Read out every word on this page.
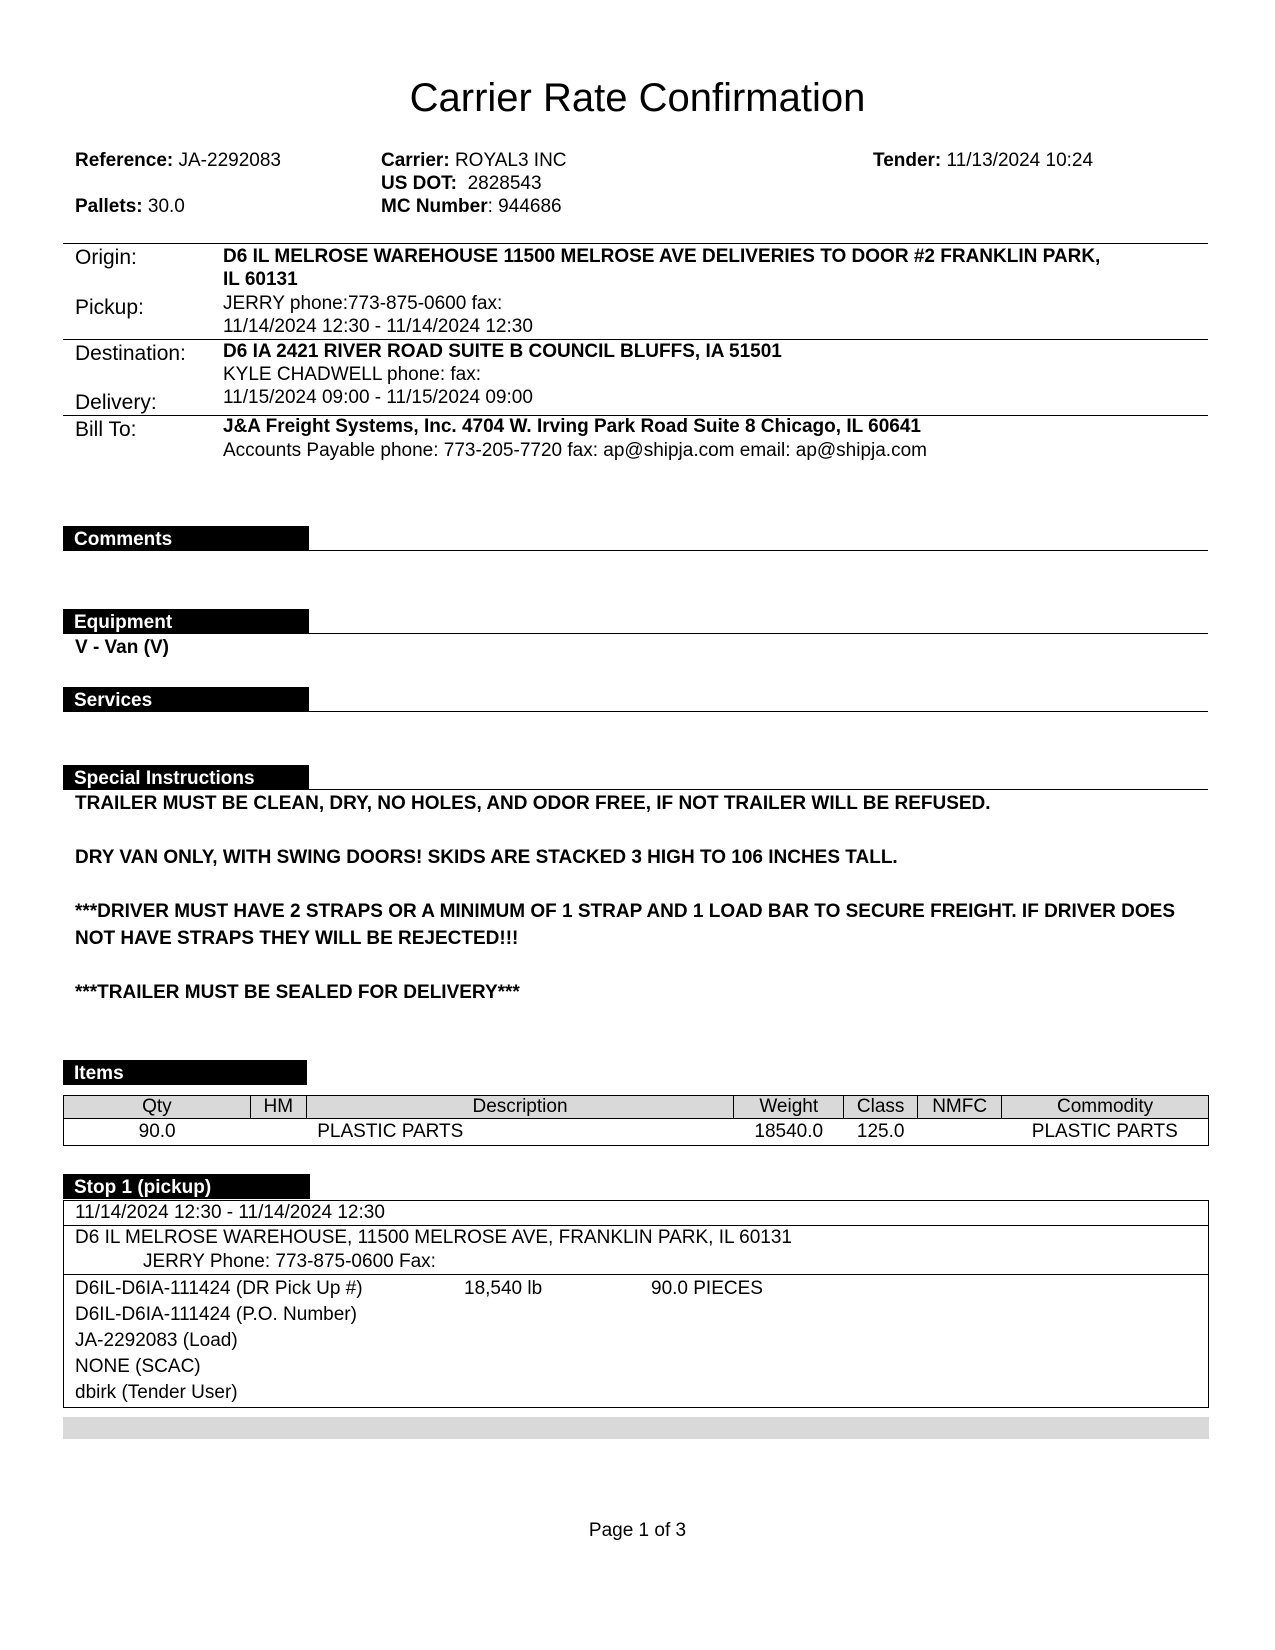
Carrier Rate Confirmation
Reference: JA-2292083
Pallets: 30.0
Carrier: ROYAL3 INC
US DOT: 2828543
MC Number: 944686
Tender: 11/13/2024 10:24
Origin:	D6 IL MELROSE WAREHOUSE 11500 MELROSE AVE DELIVERIES TO DOOR #2 FRANKLIN PARK,
IL 60131
Pickup:	JERRY phone:773-875-0600 fax:
11/14/2024 12:30 - 11/14/2024 12:30
Destination: D6 IA 2421 RIVER ROAD SUITE B COUNCIL BLUFFS, IA 51501
KYLE CHADWELL phone: fax:
Delivery:	11/15/2024 09:00 - 11/15/2024 09:00
Bill To:	J&A Freight Systems, Inc. 4704 W. Irving Park Road Suite 8 Chicago, IL 60641
Accounts Payable phone: 773-205-7720 fax: ap@shipja.com email: ap@shipja.com
Comments
Equipment
V - Van (V)
Services
Special Instructions
TRAILER MUST BE CLEAN, DRY, NO HOLES, AND ODOR FREE, IF NOT TRAILER WILL BE REFUSED.
DRY VAN ONLY, WITH SWING DOORS! SKIDS ARE STACKED 3 HIGH TO 106 INCHES TALL.
***DRIVER MUST HAVE 2 STRAPS OR A MINIMUM OF 1 STRAP AND 1 LOAD BAR TO SECURE FREIGHT. IF DRIVER DOES NOT HAVE STRAPS THEY WILL BE REJECTED!!!
***TRAILER MUST BE SEALED FOR DELIVERY***
Items
Qty	HM	Description	Weight	Class	NMFC	Commodity
90.0		PLASTIC PARTS	18540.0	125.0		PLASTIC PARTS
Stop 1 (pickup)
11/14/2024 12:30 - 11/14/2024 12:30
D6 IL MELROSE WAREHOUSE, 11500 MELROSE AVE, FRANKLIN PARK, IL 60131
JERRY Phone: 773-875-0600 Fax:
D6IL-D6IA-111424 (DR Pick Up #)	18,540 lb	90.0 PIECES
D6IL-D6IA-111424 (P.O. Number)
JA-2292083 (Load)
NONE (SCAC)
dbirk (Tender User)
Page 1 of 3
